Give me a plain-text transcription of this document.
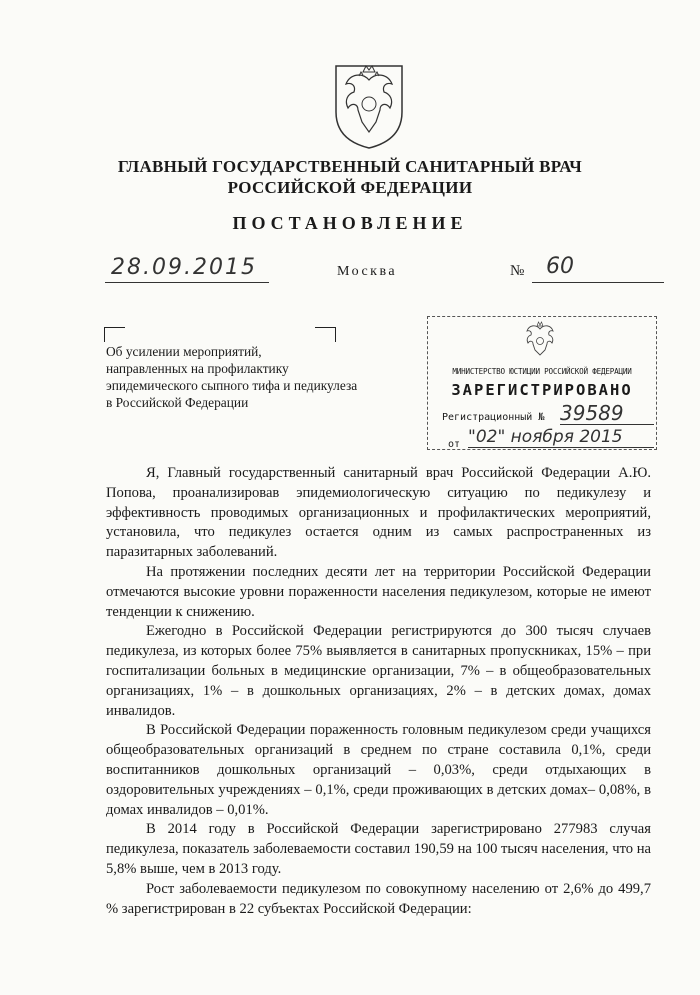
ГЛАВНЫЙ ГОСУДАРСТВЕННЫЙ САНИТАРНЫЙ ВРАЧ
РОССИЙСКОЙ ФЕДЕРАЦИИ
ПОСТАНОВЛЕНИЕ
28.09.2015	Москва	№ 60
Об усилении мероприятий,
направленных на профилактику
эпидемического сыпного тифа и педикулеза
в Российской Федерации
МИНИСТЕРСТВО ЮСТИЦИИ РОССИЙСКОЙ ФЕДЕРАЦИИ
ЗАРЕГИСТРИРОВАНО
Регистрационный № 39589
от "02" ноября 2015

Я, Главный государственный санитарный врач Российской Федерации А.Ю. Попова, проанализировав эпидемиологическую ситуацию по педикулезу и эффективность проводимых организационных и профилактических мероприятий, установила, что педикулез остается одним из самых распространенных из паразитарных заболеваний.

На протяжении последних десяти лет на территории Российской Федерации отмечаются высокие уровни пораженности населения педикулезом, которые не имеют тенденции к снижению.

Ежегодно в Российской Федерации регистрируются до 300 тысяч случаев педикулеза, из которых более 75% выявляется в санитарных пропускниках, 15% – при госпитализации больных в медицинские организации, 7% – в общеобразовательных организациях, 1% – в дошкольных организациях, 2% – в детских домах, домах инвалидов.

В Российской Федерации пораженность головным педикулезом среди учащихся общеобразовательных организаций в среднем по стране составила 0,1%, среди воспитанников дошкольных организаций – 0,03%, среди отдыхающих в оздоровительных учреждениях – 0,1%, среди проживающих в детских домах– 0,08%, в домах инвалидов – 0,01%.

В 2014 году в Российской Федерации зарегистрировано 277983 случая педикулеза, показатель заболеваемости составил 190,59 на 100 тысяч населения, что на 5,8% выше, чем в 2013 году.

Рост заболеваемости педикулезом по совокупному населению от 2,6% до 499,7 % зарегистрирован в 22 субъектах Российской Федерации:
